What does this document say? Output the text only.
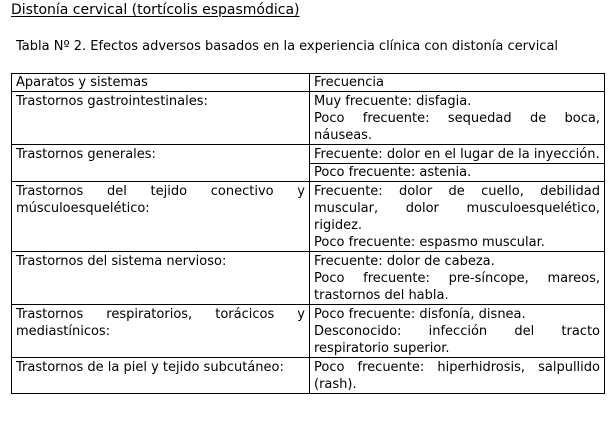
Distonía cervical (tortícolis espasmódica)
Tabla Nº 2. Efectos adversos basados en la experiencia clínica con distonía cervical
Aparatos y sistemas	Frecuencia
Trastornos gastrointestinales:	Muy frecuente: disfagia.
Poco frecuente: sequedad de boca, náuseas.

Trastornos generales:	Frecuente: dolor en el lugar de la inyección.
Poco frecuente: astenia.

Trastornos del tejido conectivo y músculoesquelético:	Frecuente: dolor de cuello, debilidad muscular, dolor musculoesquelético, rigidez.
Poco frecuente: espasmo muscular.

Trastornos del sistema nervioso:	Frecuente: dolor de cabeza.
Poco frecuente: pre-síncope, mareos, trastornos del habla.

Trastornos respiratorios, torácicos y mediastínicos:	Poco frecuente: disfonía, disnea.
Desconocido: infección del tracto respiratorio superior.

Trastornos de la piel y tejido subcutáneo:	Poco frecuente: hiperhidrosis, salpullido (rash).
